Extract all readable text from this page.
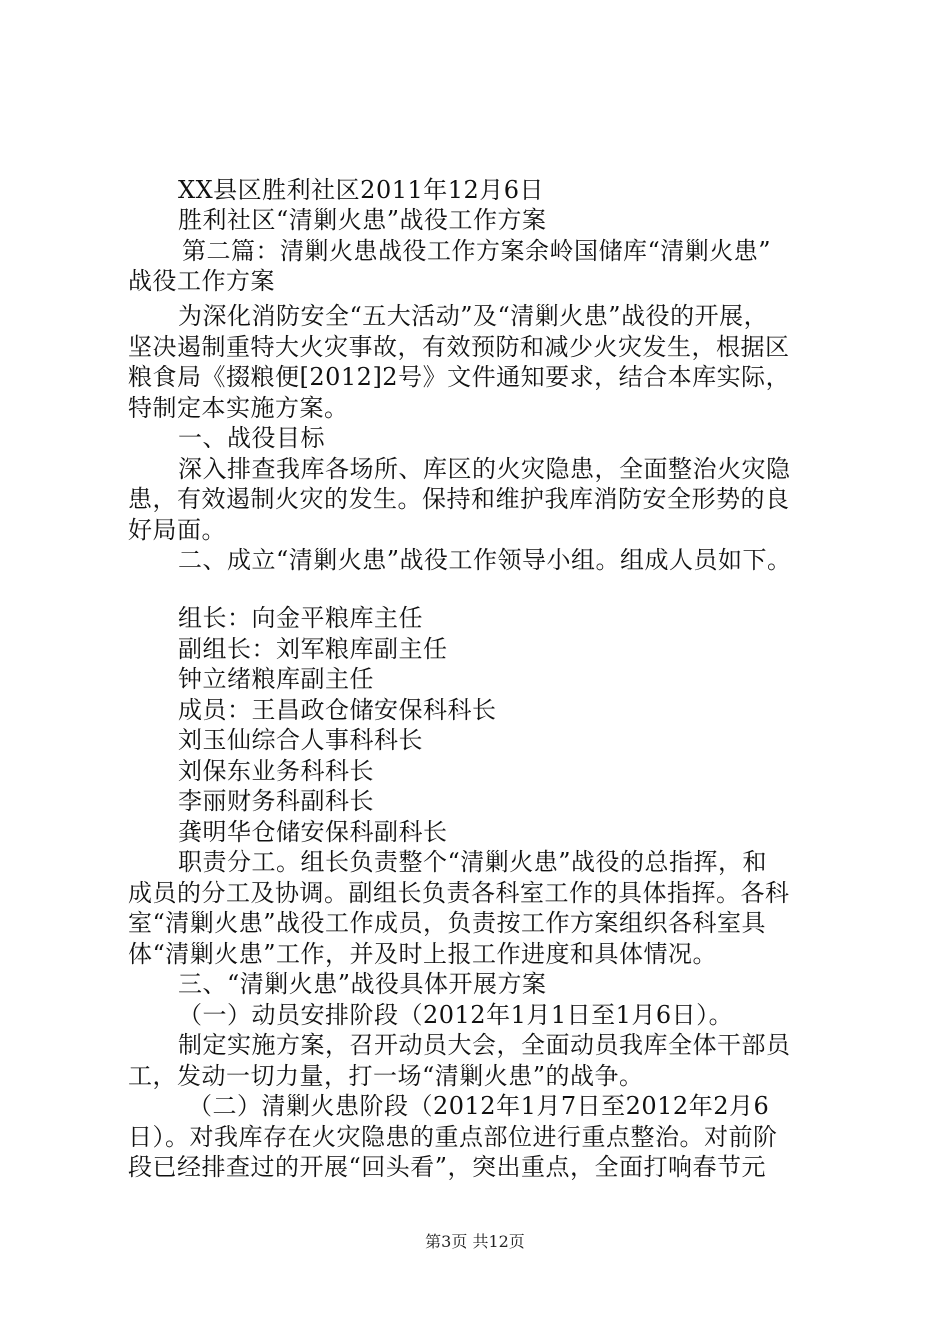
XX县区胜利社区2011年12月6日
胜利社区“清剿火患”战役工作方案
第二篇：清剿火患战役工作方案余岭国储库“清剿火患”
战役工作方案
为深化消防安全“五大活动”及“清剿火患”战役的开展，
坚决遏制重特大火灾事故，有效预防和减少火灾发生，根据区
粮食局《掇粮便[2012]2号》文件通知要求，结合本库实际，
特制定本实施方案。
一、战役目标
深入排查我库各场所、库区的火灾隐患，全面整治火灾隐
患，有效遏制火灾的发生。保持和维护我库消防安全形势的良
好局面。
二、成立“清剿火患”战役工作领导小组。组成人员如下。
组长：向金平粮库主任
副组长：刘军粮库副主任
钟立绪粮库副主任
成员：王昌政仓储安保科科长
刘玉仙综合人事科科长
刘保东业务科科长
李丽财务科副科长
龚明华仓储安保科副科长
职责分工。组长负责整个“清剿火患”战役的总指挥，和
成员的分工及协调。副组长负责各科室工作的具体指挥。各科
室“清剿火患”战役工作成员，负责按工作方案组织各科室具
体“清剿火患”工作，并及时上报工作进度和具体情况。
三、“清剿火患”战役具体开展方案
（一）动员安排阶段（2012年1月1日至1月6日）。
制定实施方案，召开动员大会，全面动员我库全体干部员
工，发动一切力量，打一场“清剿火患”的战争。
（二）清剿火患阶段（2012年1月7日至2012年2月6
日）。对我库存在火灾隐患的重点部位进行重点整治。对前阶
段已经排查过的开展“回头看”，突出重点，全面打响春节元
第3页 共12页
